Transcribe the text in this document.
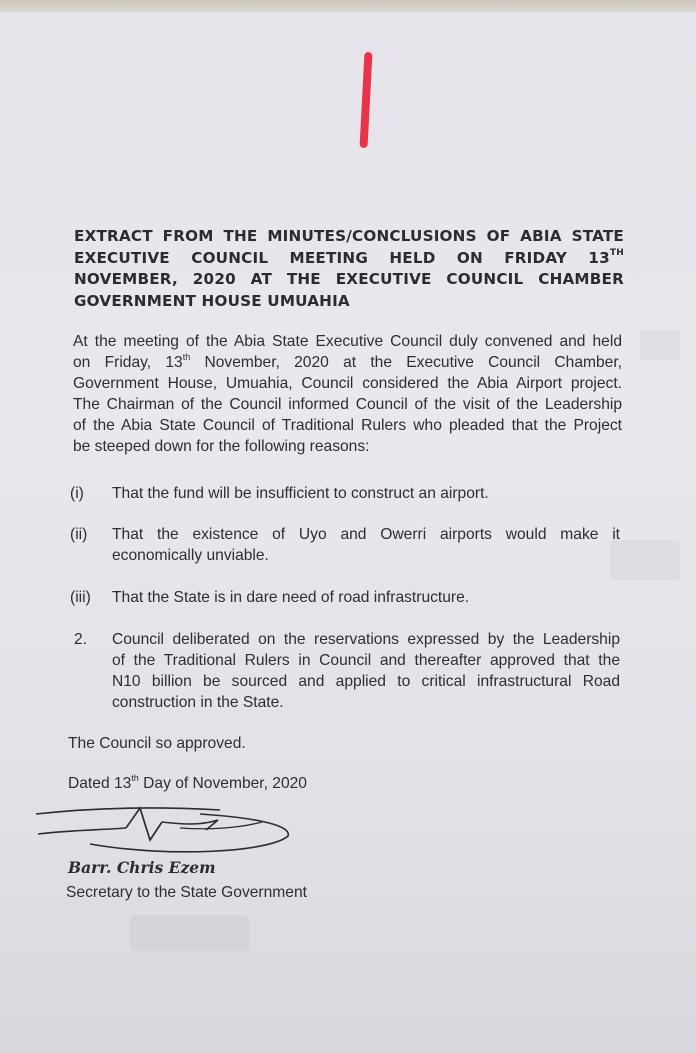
EXTRACT FROM THE MINUTES/CONCLUSIONS OF ABIA STATE
EXECUTIVE COUNCIL MEETING HELD ON FRIDAY 13TH
NOVEMBER, 2020 AT THE EXECUTIVE COUNCIL CHAMBER
GOVERNMENT HOUSE UMUAHIA
At the meeting of the Abia State Executive Council duly convened and held
on Friday, 13th November, 2020 at the Executive Council Chamber,
Government House, Umuahia, Council considered the Abia Airport project.
The Chairman of the Council informed Council of the visit of the Leadership
of the Abia State Council of Traditional Rulers who pleaded that the Project
be steeped down for the following reasons:
(i) That the fund will be insufficient to construct an airport.
(ii) That the existence of Uyo and Owerri airports would make it
economically unviable.
(iii) That the State is in dare need of road infrastructure.
2. Council deliberated on the reservations expressed by the Leadership
of the Traditional Rulers in Council and thereafter approved that the
N10 billion be sourced and applied to critical infrastructural Road
construction in the State.
The Council so approved.
Dated 13th Day of November, 2020
Barr. Chris Ezem
Secretary to the State Government
